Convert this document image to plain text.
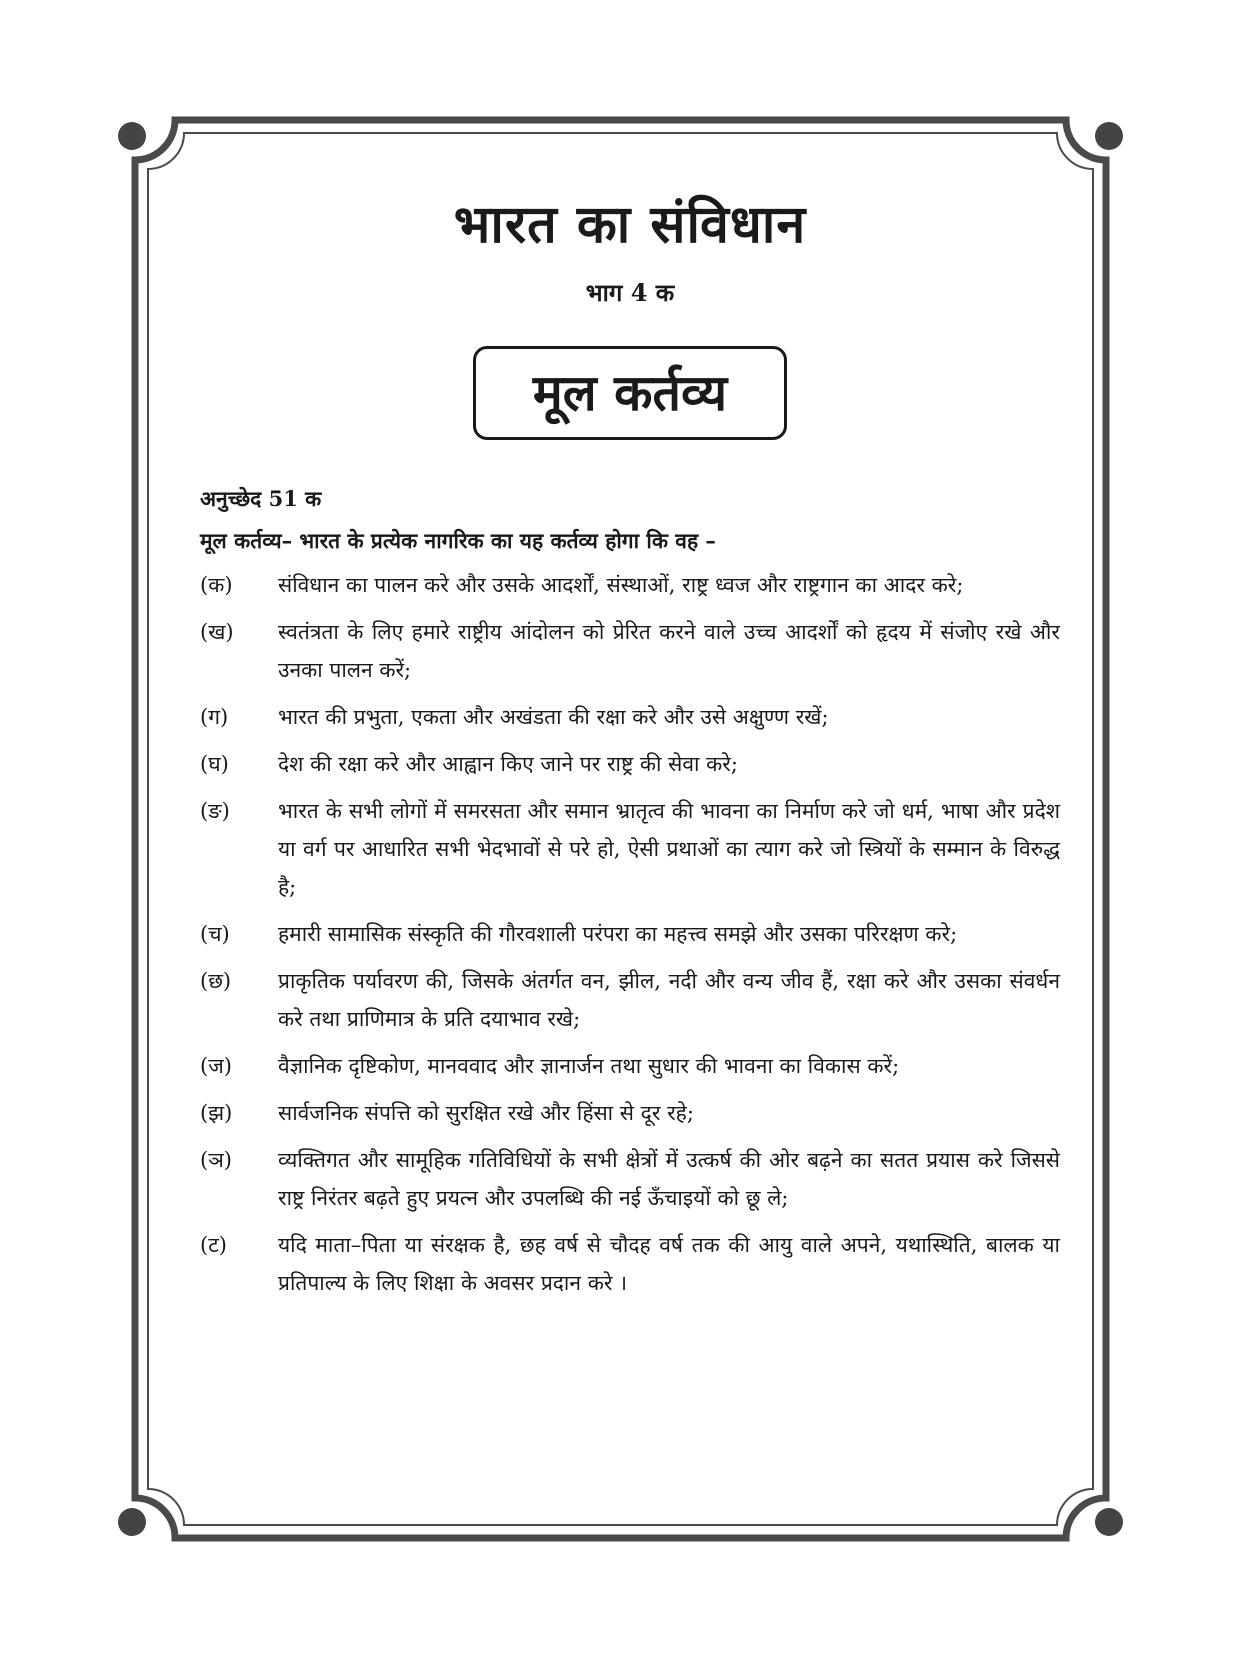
भारत का संविधान
भाग 4 क
मूल कर्तव्य
अनुच्छेद 51 क
मूल कर्तव्य– भारत के प्रत्येक नागरिक का यह कर्तव्य होगा कि वह –
(क)	संविधान का पालन करे और उसके आदर्शों, संस्थाओं, राष्ट्र ध्वज और राष्ट्रगान का आदर करे;
(ख)	स्वतंत्रता के लिए हमारे राष्ट्रीय आंदोलन को प्रेरित करने वाले उच्च आदर्शों को हृदय में संजोए रखे और उनका पालन करें;
(ग)	भारत की प्रभुता, एकता और अखंडता की रक्षा करे और उसे अक्षुण्ण रखें;
(घ)	देश की रक्षा करे और आह्वान किए जाने पर राष्ट्र की सेवा करे;
(ङ)	भारत के सभी लोगों में समरसता और समान भ्रातृत्व की भावना का निर्माण करे जो धर्म, भाषा और प्रदेश या वर्ग पर आधारित सभी भेदभावों से परे हो, ऐसी प्रथाओं का त्याग करे जो स्त्रियों के सम्मान के विरुद्ध है;
(च)	हमारी सामासिक संस्कृति की गौरवशाली परंपरा का महत्त्व समझे और उसका परिरक्षण करे;
(छ)	प्राकृतिक पर्यावरण की, जिसके अंतर्गत वन, झील, नदी और वन्य जीव हैं, रक्षा करे और उसका संवर्धन करे तथा प्राणिमात्र के प्रति दयाभाव रखे;
(ज)	वैज्ञानिक दृष्टिकोण, मानववाद और ज्ञानार्जन तथा सुधार की भावना का विकास करें;
(झ)	सार्वजनिक संपत्ति को सुरक्षित रखे और हिंसा से दूर रहे;
(ञ)	व्यक्तिगत और सामूहिक गतिविधियों के सभी क्षेत्रों में उत्कर्ष की ओर बढ़ने का सतत प्रयास करे जिससे राष्ट्र निरंतर बढ़ते हुए प्रयत्न और उपलब्धि की नई ऊँचाइयों को छू ले;
(ट)	यदि माता–पिता या संरक्षक है, छह वर्ष से चौदह वर्ष तक की आयु वाले अपने, यथास्थिति, बालक या प्रतिपाल्य के लिए शिक्षा के अवसर प्रदान करे ।
